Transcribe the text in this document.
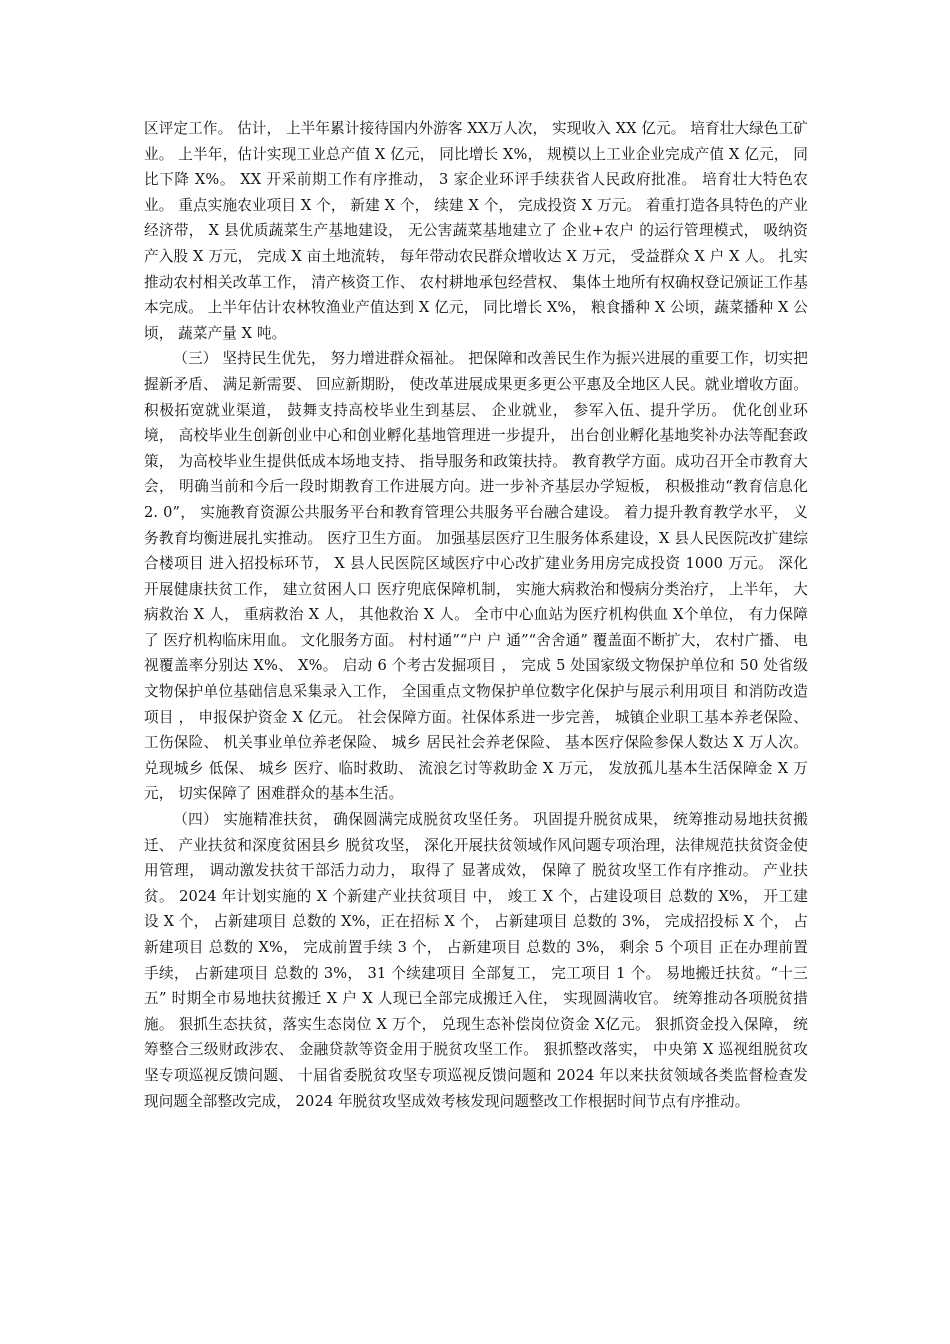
区评定工作。 估计， 上半年累计接待国内外游客 XX万人次， 实现收入 XX 亿元。 培育壮大绿色工矿业。 上半年，估计实现工业总产值 X 亿元， 同比增长 X%， 规模以上工业企业完成产值 X 亿元， 同比下降 X%。 XX 开采前期工作有序推动， 3 家企业环评手续获省人民政府批准。 培育壮大特色农业。 重点实施农业项目 X 个， 新建 X 个， 续建 X 个， 完成投资 X 万元。 着重打造各具特色的产业经济带， X 县优质蔬菜生产基地建设， 无公害蔬菜基地建立了 企业+农户 的运行管理模式， 吸纳资产入股 X 万元， 完成 X 亩土地流转， 每年带动农民群众增收达 X 万元， 受益群众 X 户 X 人。 扎实推动农村相关改革工作， 清产核资工作、 农村耕地承包经营权、 集体土地所有权确权登记颁证工作基本完成。 上半年估计农林牧渔业产值达到 X 亿元， 同比增长 X%， 粮食播种 X 公顷，蔬菜播种 X 公顷， 蔬菜产量 X 吨。

（三） 坚持民生优先， 努力增进群众福祉。 把保障和改善民生作为振兴进展的重要工作，切实把握新矛盾、 满足新需要、 回应新期盼， 使改革进展成果更多更公平惠及全地区人民。就业增收方面。 积极拓宽就业渠道， 鼓舞支持高校毕业生到基层、 企业就业， 参军入伍、提升学历。 优化创业环境， 高校毕业生创新创业中心和创业孵化基地管理进一步提升， 出台创业孵化基地奖补办法等配套政策， 为高校毕业生提供低成本场地支持、 指导服务和政策扶持。 教育教学方面。成功召开全市教育大会， 明确当前和今后一段时期教育工作进展方向。进一步补齐基层办学短板， 积极推动“教育信息化 2. 0”， 实施教育资源公共服务平台和教育管理公共服务平台融合建设。 着力提升教育教学水平， 义务教育均衡进展扎实推动。 医疗卫生方面。 加强基层医疗卫生服务体系建设，X 县人民医院改扩建综合楼项目 进入招投标环节， X 县人民医院区域医疗中心改扩建业务用房完成投资 1000 万元。 深化开展健康扶贫工作， 建立贫困人口 医疗兜底保障机制， 实施大病救治和慢病分类治疗， 上半年， 大病救治 X 人， 重病救治 X 人， 其他救治 X 人。 全市中心血站为医疗机构供血 X个单位， 有力保障了 医疗机构临床用血。 文化服务方面。 村村通”“户 户 通”“舍舍通” 覆盖面不断扩大， 农村广播、 电视覆盖率分别达 X%、 X%。 启动 6 个考古发掘项目 ， 完成 5 处国家级文物保护单位和 50 处省级文物保护单位基础信息采集录入工作， 全国重点文物保护单位数字化保护与展示利用项目 和消防改造项目 ， 申报保护资金 X 亿元。 社会保障方面。社保体系进一步完善， 城镇企业职工基本养老保险、 工伤保险、 机关事业单位养老保险、 城乡 居民社会养老保险、 基本医疗保险参保人数达 X 万人次。 兑现城乡 低保、 城乡 医疗、临时救助、 流浪乞讨等救助金 X 万元， 发放孤儿基本生活保障金 X 万元， 切实保障了 困难群众的基本生活。

（四） 实施精准扶贫， 确保圆满完成脱贫攻坚任务。 巩固提升脱贫成果， 统筹推动易地扶贫搬迁、 产业扶贫和深度贫困县乡 脱贫攻坚， 深化开展扶贫领域作风问题专项治理，法律规范扶贫资金使用管理， 调动激发扶贫干部活力动力， 取得了 显著成效， 保障了 脱贫攻坚工作有序推动。 产业扶贫。 2024 年计划实施的 X 个新建产业扶贫项目 中， 竣工 X 个，占建设项目 总数的 X%， 开工建设 X 个， 占新建项目 总数的 X%，正在招标 X 个， 占新建项目 总数的 3%， 完成招投标 X 个， 占新建项目 总数的 X%， 完成前置手续 3 个， 占新建项目 总数的 3%， 剩余 5 个项目 正在办理前置手续， 占新建项目 总数的 3%， 31 个续建项目 全部复工， 完工项目 1 个。 易地搬迁扶贫。“十三五” 时期全市易地扶贫搬迁 X 户 X 人现已全部完成搬迁入住， 实现圆满收官。 统筹推动各项脱贫措施。 狠抓生态扶贫，落实生态岗位 X 万个， 兑现生态补偿岗位资金 X亿元。 狠抓资金投入保障， 统筹整合三级财政涉农、 金融贷款等资金用于脱贫攻坚工作。 狠抓整改落实， 中央第 X 巡视组脱贫攻坚专项巡视反馈问题、 十届省委脱贫攻坚专项巡视反馈问题和 2024 年以来扶贫领域各类监督检查发现问题全部整改完成， 2024 年脱贫攻坚成效考核发现问题整改工作根据时间节点有序推动。
